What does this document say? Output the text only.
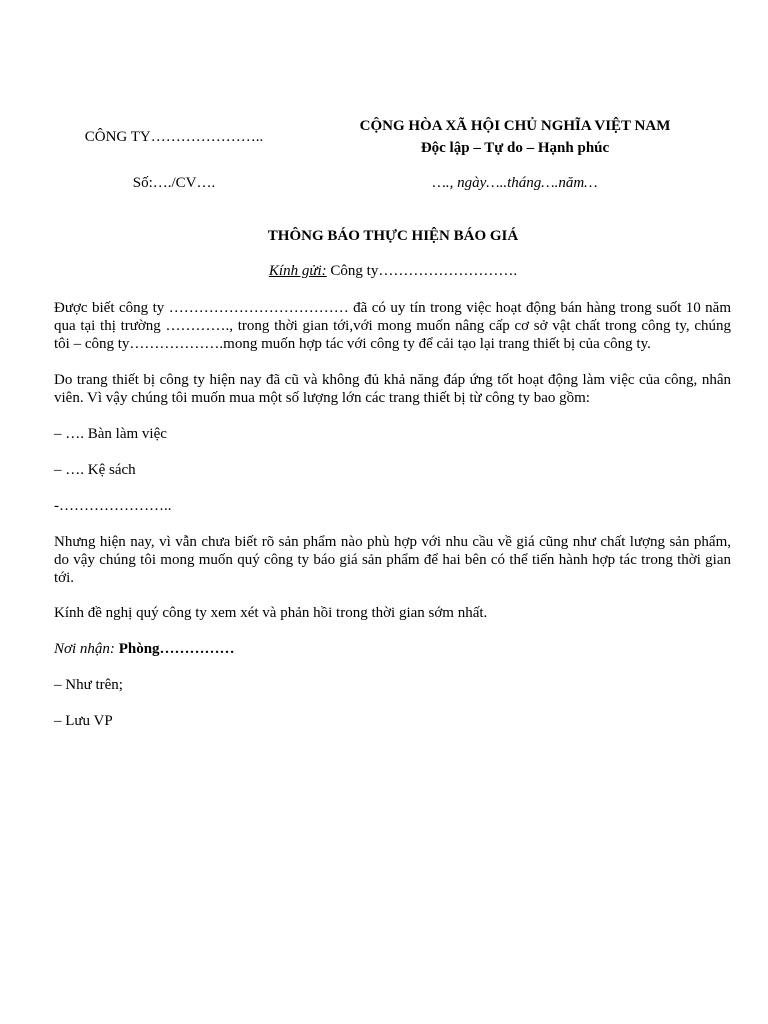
CÔNG TY…………………..
CỘNG HÒA XÃ HỘI CHỦ NGHĨA VIỆT NAM
Độc lập – Tự do – Hạnh phúc
Số:…./CV….	…., ngày…..tháng….năm…
THÔNG BÁO THỰC HIỆN BÁO GIÁ
Kính gửi: Công ty……………………….
Được biết công ty ……………………………… đã có uy tín trong việc hoạt động bán hàng trong suốt 10 năm qua tại thị trường …………., trong thời gian tới,với mong muốn nâng cấp cơ sở vật chất trong công ty, chúng tôi – công ty……………….mong muốn hợp tác với công ty để cải tạo lại trang thiết bị của công ty.
Do trang thiết bị công ty hiện nay đã cũ và không đủ khả năng đáp ứng tốt hoạt động làm việc của công, nhân viên. Vì vậy chúng tôi muốn mua một số lượng lớn các trang thiết bị từ công ty bao gồm:
– …. Bàn làm việc
– …. Kệ sách
-…………………..
Nhưng hiện nay, vì vẫn chưa biết rõ sản phẩm nào phù hợp với nhu cầu về giá cũng như chất lượng sản phẩm, do vậy chúng tôi mong muốn quý công ty báo giá sản phẩm để hai bên có thể tiến hành hợp tác trong thời gian tới.
Kính đề nghị quý công ty xem xét và phản hồi trong thời gian sớm nhất.
Nơi nhận: Phòng……………
– Như trên;
– Lưu VP
